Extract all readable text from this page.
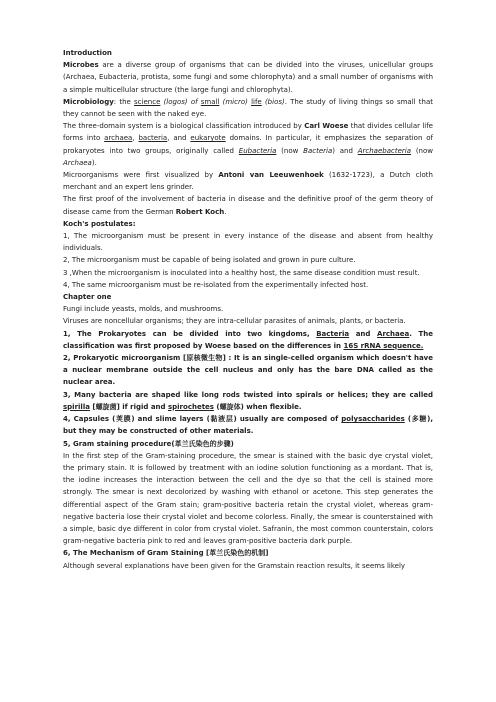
Introduction

Microbes are a diverse group of organisms that can be divided into the viruses, unicellular groups (Archaea, Eubacteria, protista, some fungi and some chlorophyta) and a small number of organisms with a simple multicellular structure (the large fungi and chlorophyta).

Microbiology: the science (logos) of small (micro) life (bios). The study of living things so small that they cannot be seen with the naked eye.

The three-domain system is a biological classification introduced by Carl Woese that divides cellular life forms into archaea, bacteria, and eukaryote domains. In particular, it emphasizes the separation of prokaryotes into two groups, originally called Eubacteria (now Bacteria) and Archaebacteria (now Archaea).

Microorganisms were first visualized by Antoni van Leeuwenhoek (1632-1723), a Dutch cloth merchant and an expert lens grinder.

The first proof of the involvement of bacteria in disease and the definitive proof of the germ theory of disease came from the German Robert Koch.

Koch's postulates:

1, The microorganism must be present in every instance of the disease and absent from healthy individuals.

2, The microorganism must be capable of being isolated and grown in pure culture.

3 ,When the microorganism is inoculated into a healthy host, the same disease condition must result.

4, The same microorganism must be re-isolated from the experimentally infected host.

Chapter one

Fungi include yeasts, molds, and mushrooms.

Viruses are noncellular organisms; they are intra-cellular parasites of animals, plants, or bacteria.

1, The Prokaryotes can be divided into two kingdoms, Bacteria and Archaea. The classification was first proposed by Woese based on the differences in 16S rRNA sequence.

2, Prokaryotic microorganism [原核微生物] : It is an single-celled organism which doesn't have a nuclear membrane outside the cell nucleus and only has the bare DNA called as the nuclear area.

3, Many bacteria are shaped like long rods twisted into spirals or helices; they are called spirilla [螺旋菌] if rigid and spirochetes (螺旋体) when flexible.

4, Capsules (荚膜) and slime layers (黏液层) usually are composed of polysaccharides (多糖), but they may be constructed of other materials.

5, Gram staining procedure(革兰氏染色的步骤)

In the first step of the Gram-staining procedure, the smear is stained with the basic dye crystal violet, the primary stain. It is followed by treatment with an iodine solution functioning as a mordant. That is, the iodine increases the interaction between the cell and the dye so that the cell is stained more strongly. The smear is next decolorized by washing with ethanol or acetone. This step generates the differential aspect of the Gram stain; gram-positive bacteria retain the crystal violet, whereas gram-negative bacteria lose their crystal violet and become colorless. Finally, the smear is counterstained with a simple, basic dye different in color from crystal violet. Safranin, the most common counterstain, colors gram-negative bacteria pink to red and leaves gram-positive bacteria dark purple.

6, The Mechanism of Gram Staining [革兰氏染色的机制]

Although several explanations have been given for the Gramstain reaction results, it seems likely
